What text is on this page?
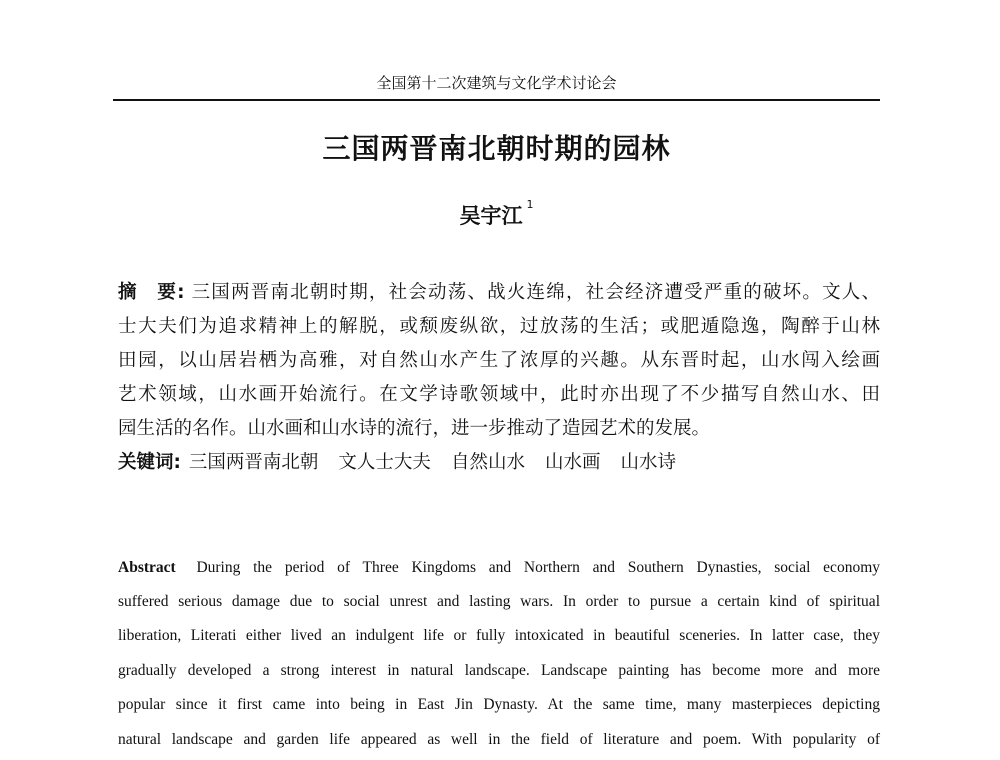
全国第十二次建筑与文化学术讨论会
三国两晋南北朝时期的园林
吴宇江 $^1$
摘　要: 三国两晋南北朝时期，社会动荡、战火连绵，社会经济遭受严重的破坏。文人、
士大夫们为追求精神上的解脱，或颓废纵欲，过放荡的生活；或肥遁隐逸，陶醉于山林
田园，以山居岩栖为高雅，对自然山水产生了浓厚的兴趣。从东晋时起，山水闯入绘画
艺术领域，山水画开始流行。在文学诗歌领域中，此时亦出现了不少描写自然山水、田
园生活的名作。山水画和山水诗的流行，进一步推动了造园艺术的发展。
关键词: 三国两晋南北朝 文人士大夫 自然山水 山水画 山水诗
Abstract During the period of Three Kingdoms and Northern and Southern Dynasties, social economy
suffered serious damage due to social unrest and lasting wars. In order to pursue a certain kind of spiritual
liberation, Literati either lived an indulgent life or fully intoxicated in beautiful sceneries. In latter case, they
gradually developed a strong interest in natural landscape. Landscape painting has become more and more
popular since it first came into being in East Jin Dynasty. At the same time, many masterpieces depicting
natural landscape and garden life appeared as well in the field of literature and poem. With popularity of
